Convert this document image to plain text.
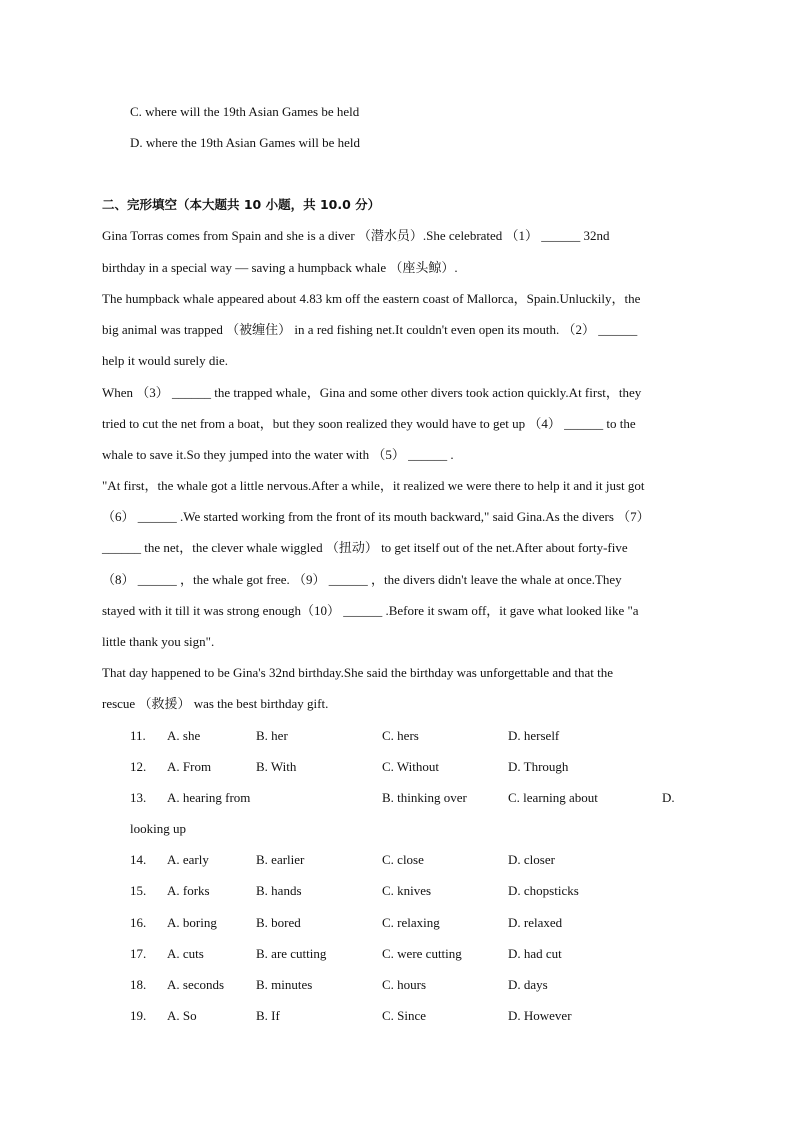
C. where will the 19th Asian Games be held
D. where the 19th Asian Games will be held
二、完形填空（本大题共 10 小题，共 10.0 分）
Gina Torras comes from Spain and she is a diver （潜水员）.She celebrated （1） ______ 32nd
birthday in a special way — saving a humpback whale （座头鲸）.
The humpback whale appeared about 4.83 km off the eastern coast of Mallorca，Spain.Unluckily，the
big animal was trapped （被缠住） in a red fishing net.It couldn't even open its mouth. （2） ______
help it would surely die.
When （3） ______ the trapped whale，Gina and some other divers took action quickly.At first，they
tried to cut the net from a boat，but they soon realized they would have to get up （4） ______ to the
whale to save it.So they jumped into the water with （5） ______ .
"At first，the whale got a little nervous.After a while，it realized we were there to help it and it just got
（6） ______ .We started working from the front of its mouth backward," said Gina.As the divers （7）
______ the net，the clever whale wiggled （扭动） to get itself out of the net.After about forty-five
（8） ______ ，the whale got free. （9） ______ ，the divers didn't leave the whale at once.They
stayed with it till it was strong enough（10） ______ .Before it swam off，it gave what looked like "a
little thank you sign".
That day happened to be Gina's 32nd birthday.She said the birthday was unforgettable and that the
rescue （救援） was the best birthday gift.
11. A. she	B. her	C. hers	D. herself
12. A. From	B. With	C. Without	D. Through
13. A. hearing from	B. thinking over	C. learning about	D.
looking up
14. A. early	B. earlier	C. close	D. closer
15. A. forks	B. hands	C. knives	D. chopsticks
16. A. boring	B. bored	C. relaxing	D. relaxed
17. A. cuts	B. are cutting	C. were cutting	D. had cut
18. A. seconds B. minutes	C. hours	D. days
19. A. So	B. If	C. Since	D. However
